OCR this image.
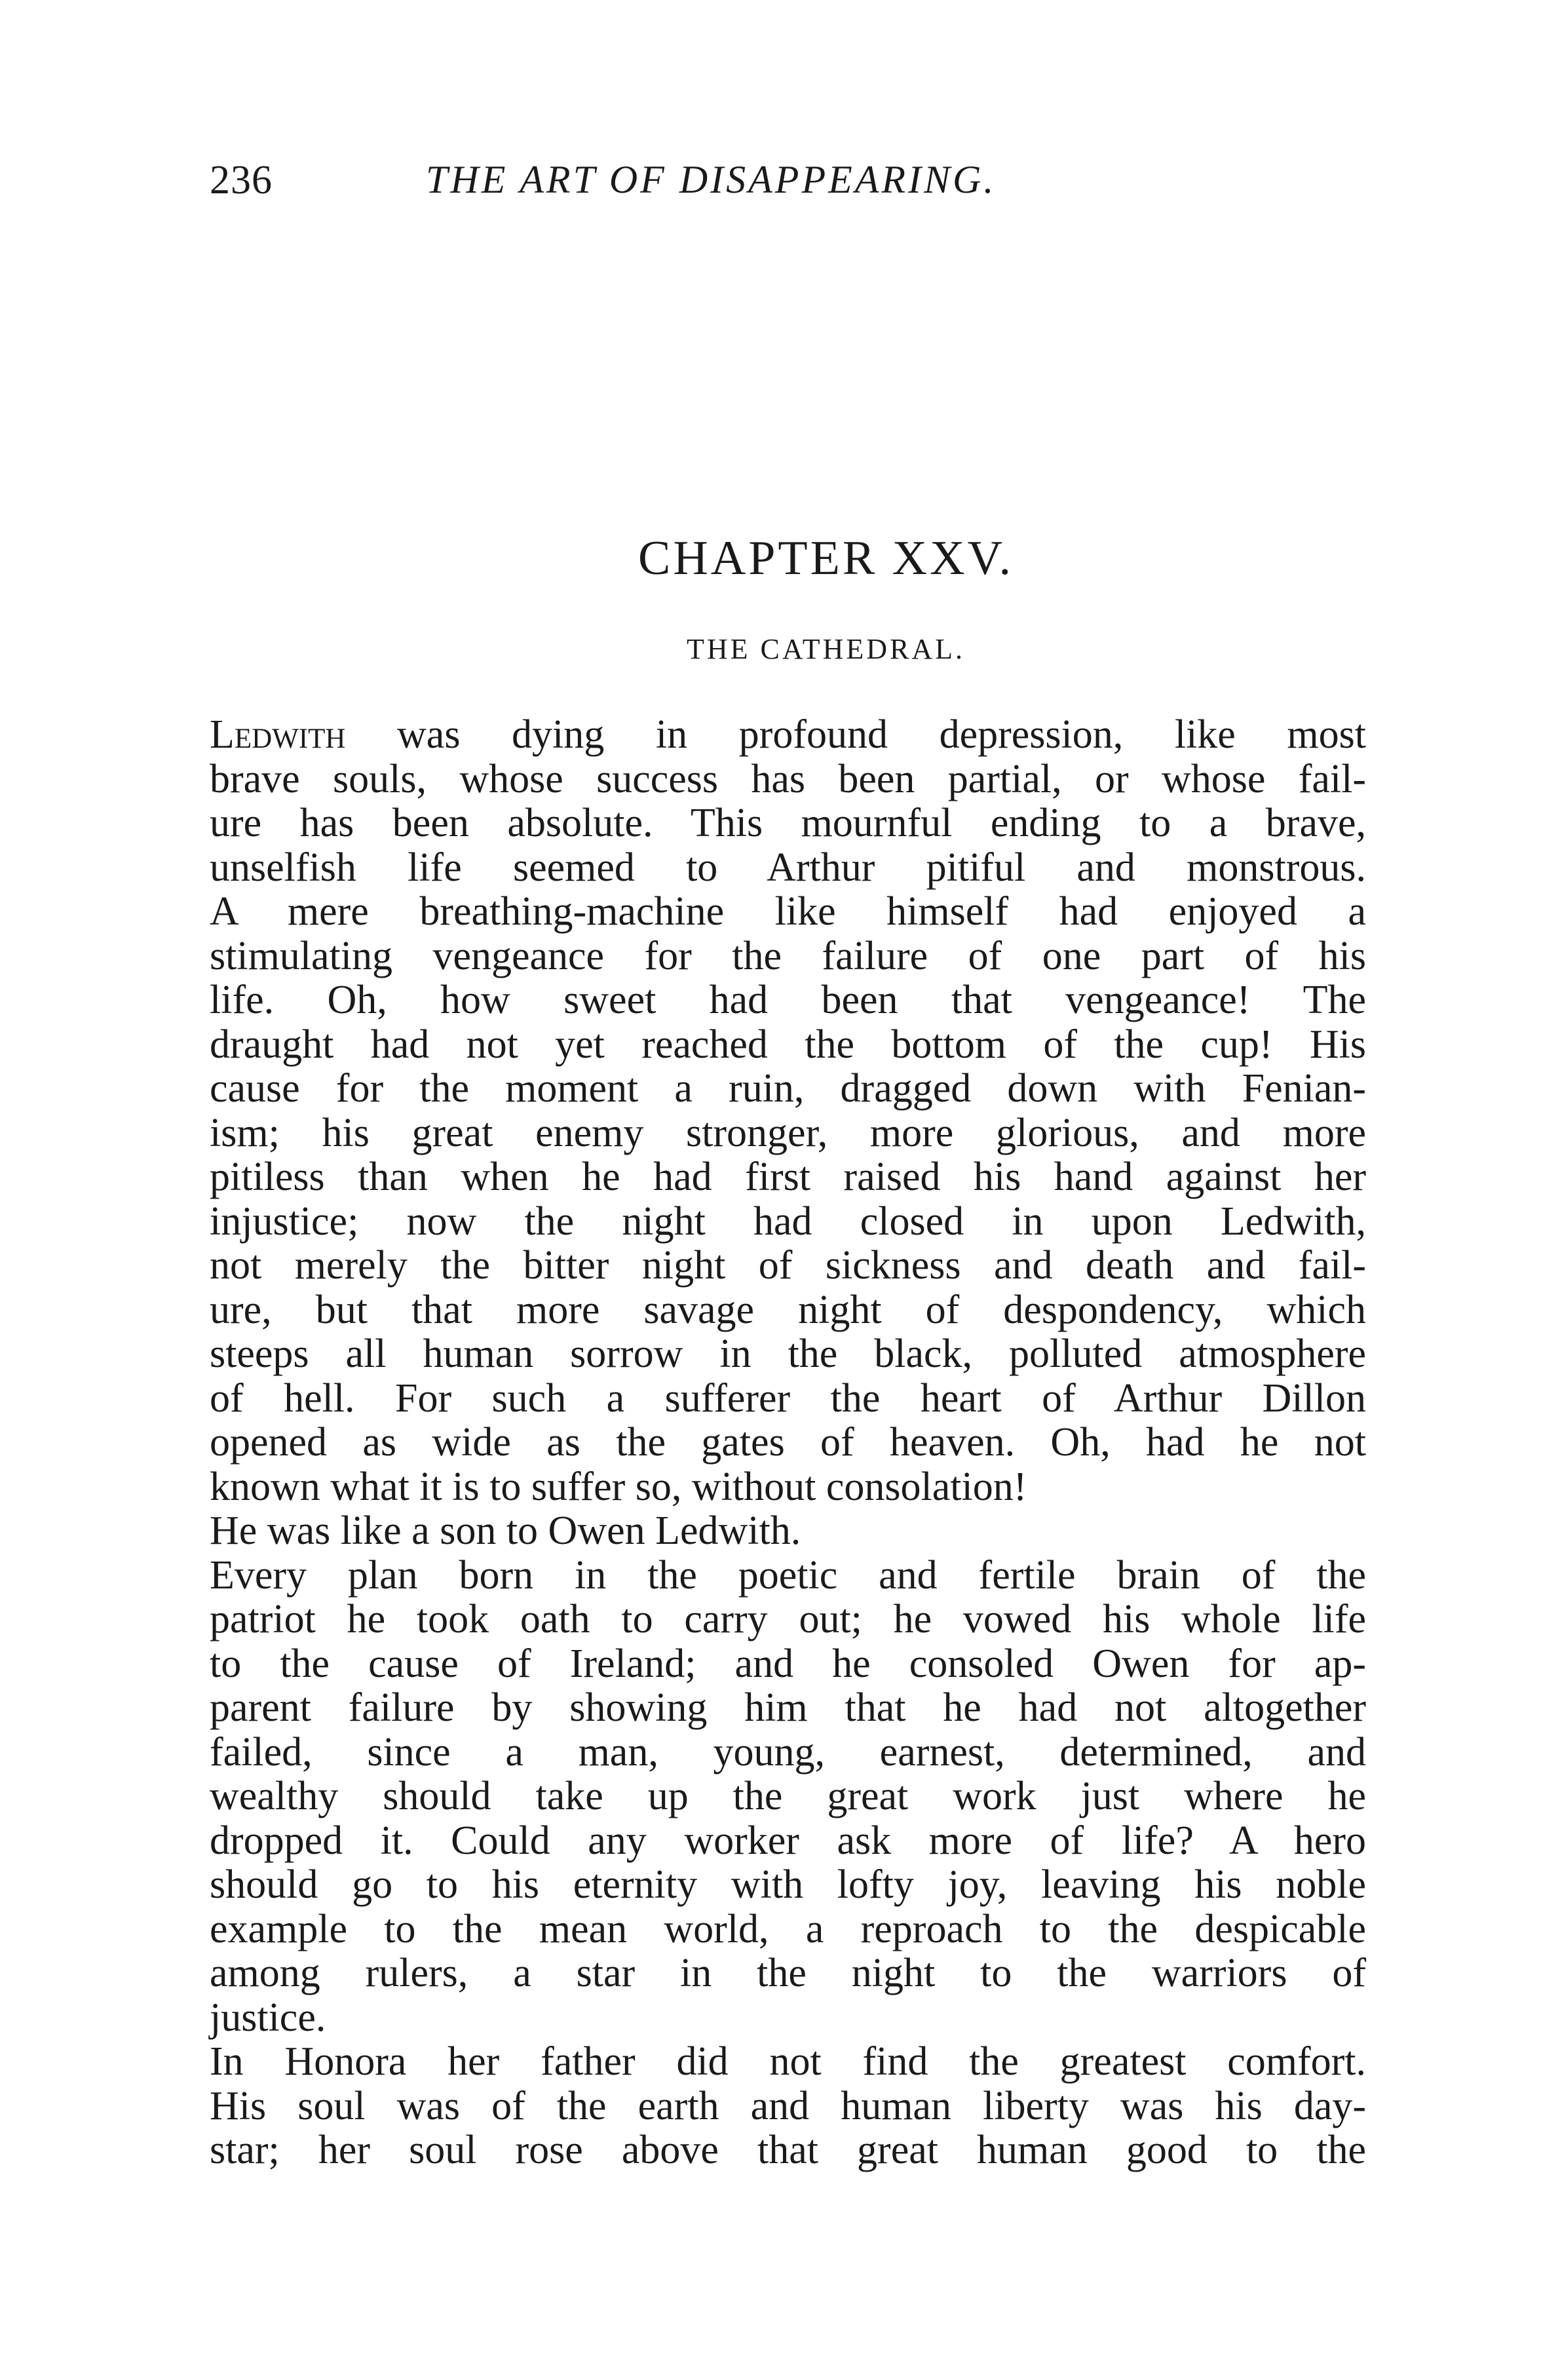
236	THE ART OF DISAPPEARING.
CHAPTER XXV.
THE CATHEDRAL.
Ledwith was dying in profound depression, like most
brave souls, whose success has been partial, or whose fail-
ure has been absolute. This mournful ending to a brave,
unselfish life seemed to Arthur pitiful and monstrous.
A mere breathing-machine like himself had enjoyed a
stimulating vengeance for the failure of one part of his
life. Oh, how sweet had been that vengeance! The
draught had not yet reached the bottom of the cup! His
cause for the moment a ruin, dragged down with Fenian-
ism; his great enemy stronger, more glorious, and more
pitiless than when he had first raised his hand against her
injustice; now the night had closed in upon Ledwith,
not merely the bitter night of sickness and death and fail-
ure, but that more savage night of despondency, which
steeps all human sorrow in the black, polluted atmosphere
of hell. For such a sufferer the heart of Arthur Dillon
opened as wide as the gates of heaven. Oh, had he not
known what it is to suffer so, without consolation!
He was like a son to Owen Ledwith.
Every plan born in the poetic and fertile brain of the
patriot he took oath to carry out; he vowed his whole life
to the cause of Ireland; and he consoled Owen for ap-
parent failure by showing him that he had not altogether
failed, since a man, young, earnest, determined, and
wealthy should take up the great work just where he
dropped it. Could any worker ask more of life? A hero
should go to his eternity with lofty joy, leaving his noble
example to the mean world, a reproach to the despicable
among rulers, a star in the night to the warriors of
justice.
In Honora her father did not find the greatest comfort.
His soul was of the earth and human liberty was his day-
star; her soul rose above that great human good to the
